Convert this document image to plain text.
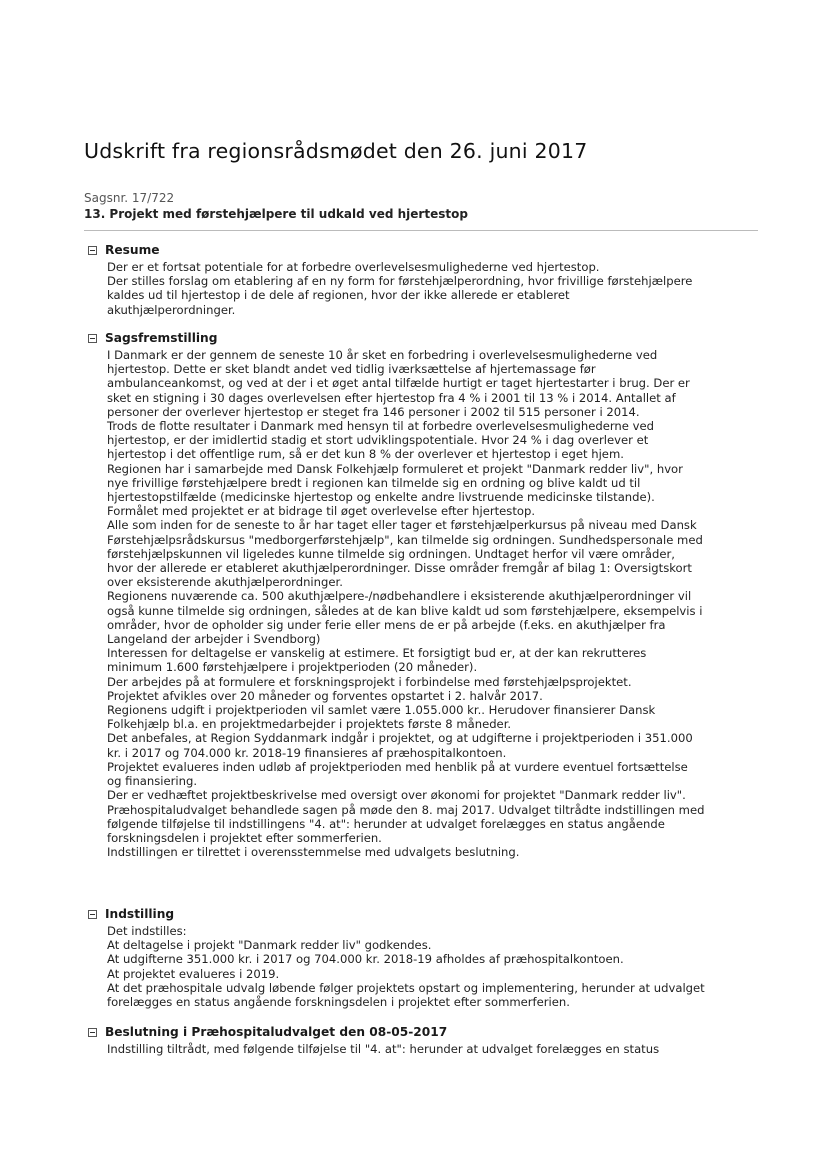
Udskrift fra regionsrådsmødet den 26. juni 2017
Sagsnr. 17/722
13. Projekt med førstehjælpere til udkald ved hjertestop
Resume

Der er et fortsat potentiale for at forbedre overlevelsesmulighederne ved hjertestop.

Der stilles forslag om etablering af en ny form for førstehjælperordning, hvor frivillige førstehjælpere

kaldes ud til hjertestop i de dele af regionen, hvor der ikke allerede er etableret

akuthjælperordninger.

Sagsfremstilling

I Danmark er der gennem de seneste 10 år sket en forbedring i overlevelsesmulighederne ved

hjertestop. Dette er sket blandt andet ved tidlig iværksættelse af hjertemassage før

ambulanceankomst, og ved at der i et øget antal tilfælde hurtigt er taget hjertestarter i brug. Der er

sket en stigning i 30 dages overlevelsen efter hjertestop fra 4 % i 2001 til 13 % i 2014. Antallet af

personer der overlever hjertestop er steget fra 146 personer i 2002 til 515 personer i 2014.

Trods de flotte resultater i Danmark med hensyn til at forbedre overlevelsesmulighederne ved

hjertestop, er der imidlertid stadig et stort udviklingspotentiale. Hvor 24 % i dag overlever et

hjertestop i det offentlige rum, så er det kun 8 % der overlever et hjertestop i eget hjem.

Regionen har i samarbejde med Dansk Folkehjælp formuleret et projekt "Danmark redder liv", hvor

nye frivillige førstehjælpere bredt i regionen kan tilmelde sig en ordning og blive kaldt ud til

hjertestopstilfælde (medicinske hjertestop og enkelte andre livstruende medicinske tilstande).

Formålet med projektet er at bidrage til øget overlevelse efter hjertestop.

Alle som inden for de seneste to år har taget eller tager et førstehjælperkursus på niveau med Dansk

Førstehjælpsrådskursus "medborgerførstehjælp", kan tilmelde sig ordningen. Sundhedspersonale med

førstehjælpskunnen vil ligeledes kunne tilmelde sig ordningen. Undtaget herfor vil være områder,

hvor der allerede er etableret akuthjælperordninger. Disse områder fremgår af bilag 1: Oversigtskort

over eksisterende akuthjælperordninger.

Regionens nuværende ca. 500 akuthjælpere-/nødbehandlere i eksisterende akuthjælperordninger vil

også kunne tilmelde sig ordningen, således at de kan blive kaldt ud som førstehjælpere, eksempelvis i

områder, hvor de opholder sig under ferie eller mens de er på arbejde (f.eks. en akuthjælper fra

Langeland der arbejder i Svendborg)

Interessen for deltagelse er vanskelig at estimere. Et forsigtigt bud er, at der kan rekrutteres

minimum 1.600 førstehjælpere i projektperioden (20 måneder).

Der arbejdes på at formulere et forskningsprojekt i forbindelse med førstehjælpsprojektet.

Projektet afvikles over 20 måneder og forventes opstartet i 2. halvår 2017.

Regionens udgift i projektperioden vil samlet være 1.055.000 kr.. Herudover finansierer Dansk

Folkehjælp bl.a. en projektmedarbejder i projektets første 8 måneder.

Det anbefales, at Region Syddanmark indgår i projektet, og at udgifterne i projektperioden i 351.000

kr. i 2017 og 704.000 kr. 2018-19 finansieres af præhospitalkontoen.

Projektet evalueres inden udløb af projektperioden med henblik på at vurdere eventuel fortsættelse

og finansiering.

Der er vedhæftet projektbeskrivelse med oversigt over økonomi for projektet "Danmark redder liv".

Præhospitaludvalget behandlede sagen på møde den 8. maj 2017. Udvalget tiltrådte indstillingen med

følgende tilføjelse til indstillingens "4. at": herunder at udvalget forelægges en status angående

forskningsdelen i projektet efter sommerferien.

Indstillingen er tilrettet i overensstemmelse med udvalgets beslutning.

Indstilling

Det indstilles:

At deltagelse i projekt "Danmark redder liv" godkendes.

At udgifterne 351.000 kr. i 2017 og 704.000 kr. 2018-19 afholdes af præhospitalkontoen.

At projektet evalueres i 2019.

At det præhospitale udvalg løbende følger projektets opstart og implementering, herunder at udvalget

forelægges en status angående forskningsdelen i projektet efter sommerferien.

Beslutning i Præhospitaludvalget den 08-05-2017

Indstilling tiltrådt, med følgende tilføjelse til "4. at": herunder at udvalget forelægges en status
